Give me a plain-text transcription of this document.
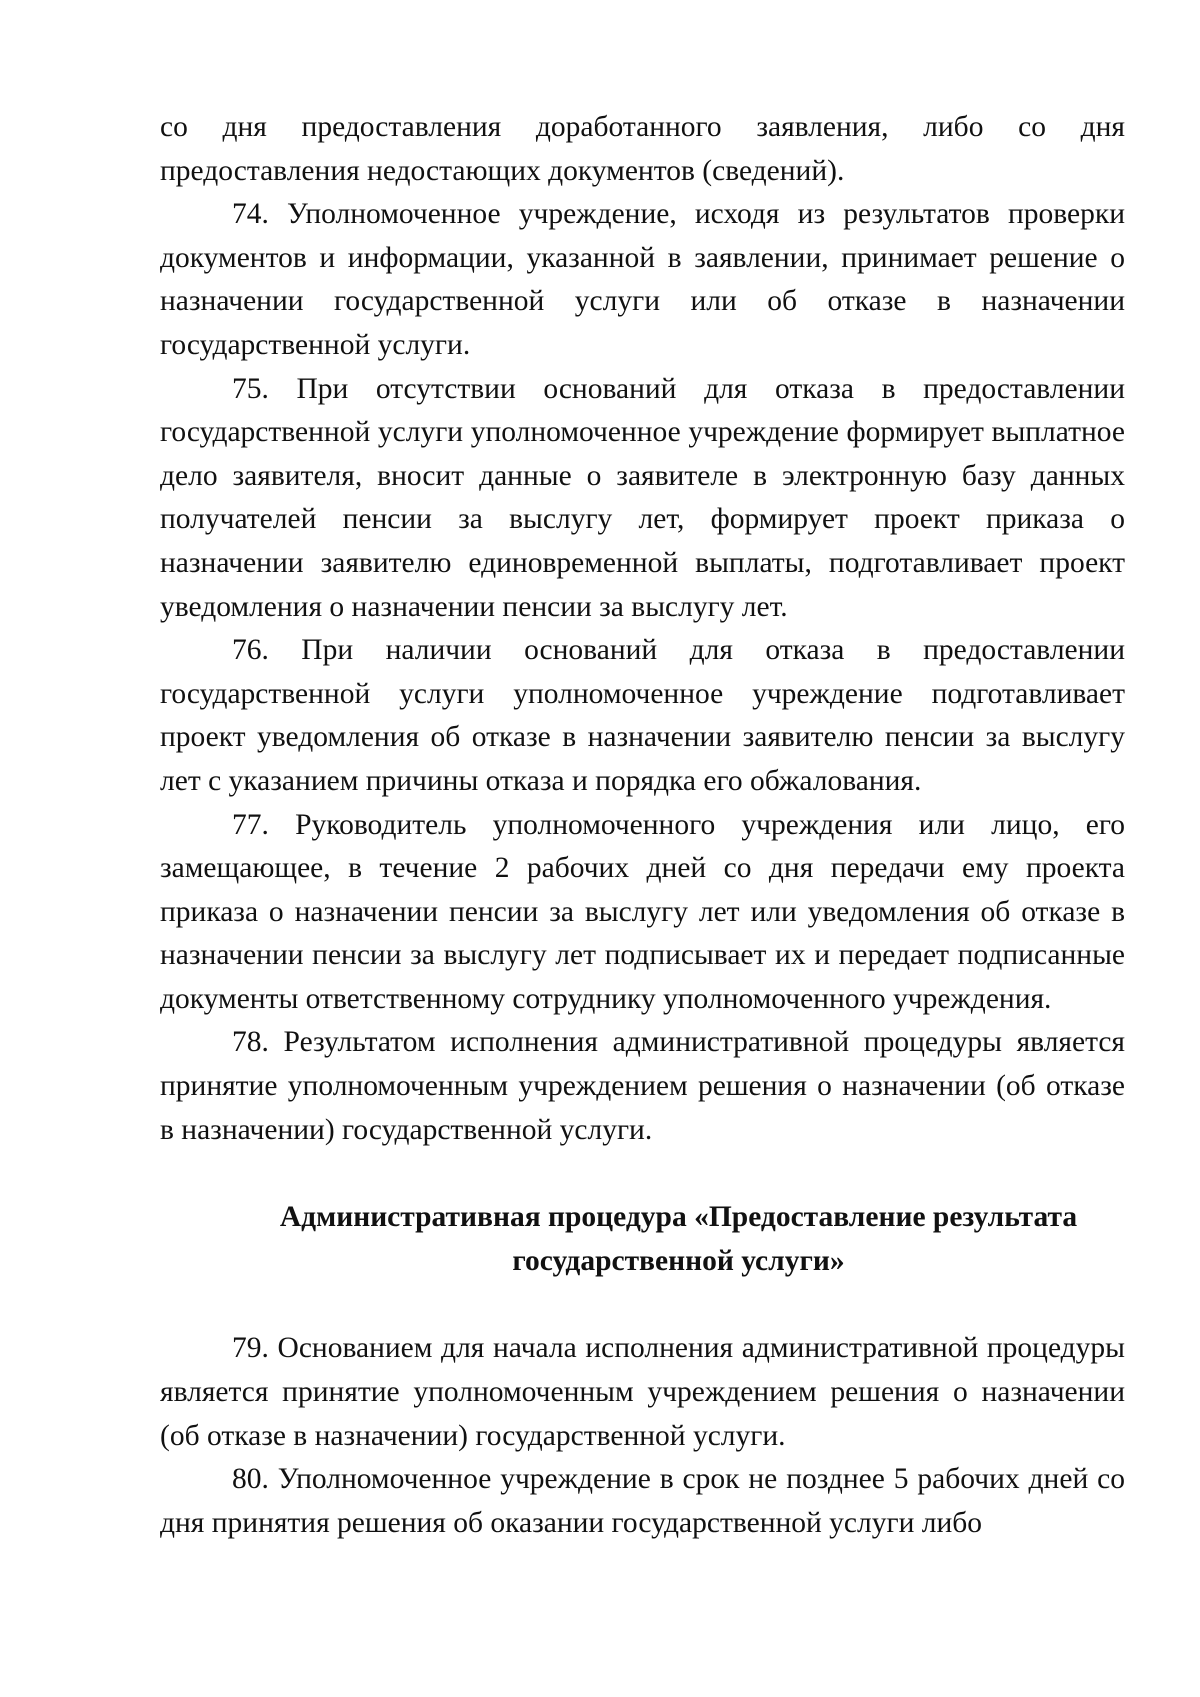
со дня предоставления доработанного заявления, либо со дня предоставления недостающих документов (сведений).

74. Уполномоченное учреждение, исходя из результатов проверки документов и информации, указанной в заявлении, принимает решение о назначении государственной услуги или об отказе в назначении государственной услуги.

75. При отсутствии оснований для отказа в предоставлении государственной услуги уполномоченное учреждение формирует выплатное дело заявителя, вносит данные о заявителе в электронную базу данных получателей пенсии за выслугу лет, формирует проект приказа о назначении заявителю единовременной выплаты, подготавливает проект уведомления о назначении пенсии за выслугу лет.

76. При наличии оснований для отказа в предоставлении государственной услуги уполномоченное учреждение подготавливает проект уведомления об отказе в назначении заявителю пенсии за выслугу лет с указанием причины отказа и порядка его обжалования.

77. Руководитель уполномоченного учреждения или лицо, его замещающее, в течение 2 рабочих дней со дня передачи ему проекта приказа о назначении пенсии за выслугу лет или уведомления об отказе в назначении пенсии за выслугу лет подписывает их и передает подписанные документы ответственному сотруднику уполномоченного учреждения.

78. Результатом исполнения административной процедуры является принятие уполномоченным учреждением решения о назначении (об отказе в назначении) государственной услуги.

Административная процедура «Предоставление результата
государственной услуги»

79. Основанием для начала исполнения административной процедуры является принятие уполномоченным учреждением решения о назначении (об отказе в назначении) государственной услуги.

80. Уполномоченное учреждение в срок не позднее 5 рабочих дней со дня принятия решения об оказании государственной услуги либо
